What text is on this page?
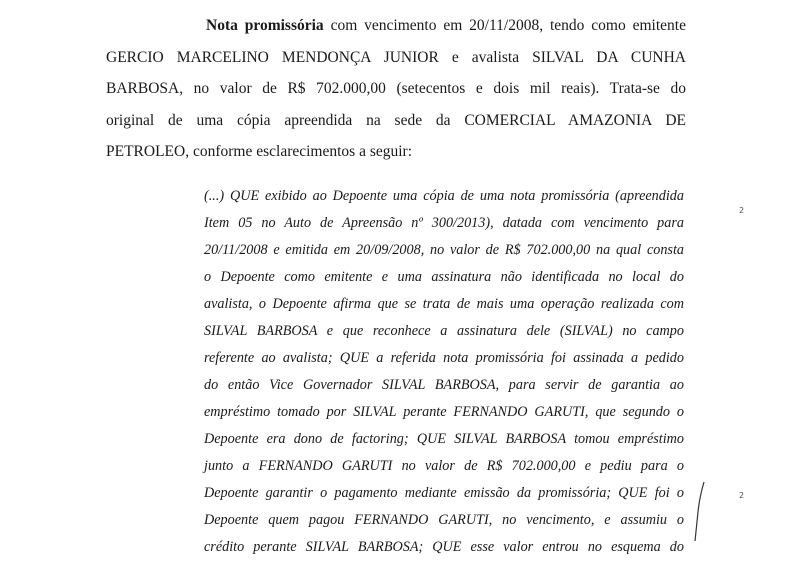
Nota promissória com vencimento em 20/11/2008, tendo como emitente
GERCIO MARCELINO MENDONÇA JUNIOR e avalista SILVAL DA CUNHA
BARBOSA, no valor de R$ 702.000,00 (setecentos e dois mil reais). Trata-se do
original de uma cópia apreendida na sede da COMERCIAL AMAZONIA DE
PETROLEO, conforme esclarecimentos a seguir:
(...) QUE exibido ao Depoente uma cópia de uma nota promissória (apreendida
Item 05 no Auto de Apreensão nº 300/2013), datada com vencimento para
20/11/2008 e emitida em 20/09/2008, no valor de R$ 702.000,00 na qual consta
o Depoente como emitente e uma assinatura não identificada no local do
avalista, o Depoente afirma que se trata de mais uma operação realizada com
SILVAL BARBOSA e que reconhece a assinatura dele (SILVAL) no campo
referente ao avalista; QUE a referida nota promissória foi assinada a pedido
do então Vice Governador SILVAL BARBOSA, para servir de garantia ao
empréstimo tomado por SILVAL perante FERNANDO GARUTI, que segundo o
Depoente era dono de factoring; QUE SILVAL BARBOSA tomou empréstimo
junto a FERNANDO GARUTI no valor de R$ 702.000,00 e pediu para o
Depoente garantir o pagamento mediante emissão da promissória; QUE foi o
Depoente quem pagou FERNANDO GARUTI, no vencimento, e assumiu o
crédito perante SILVAL BARBOSA; QUE esse valor entrou no esquema do
2
2
